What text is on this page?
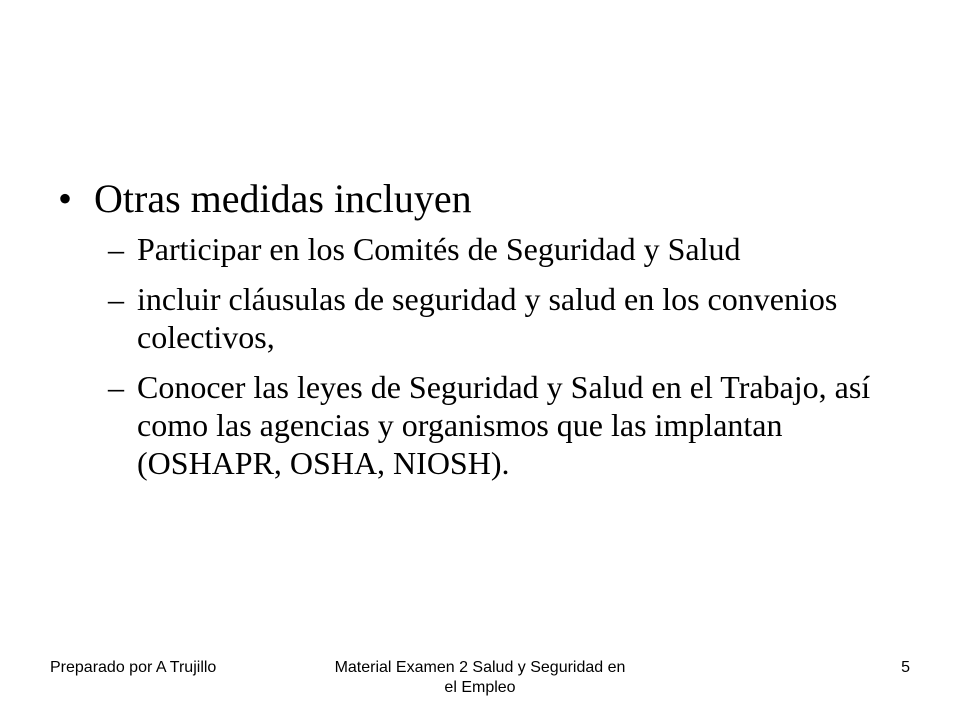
• Otras medidas incluyen
– Participar en los Comités de Seguridad y Salud
– incluir cláusulas de seguridad y salud en los convenios colectivos,
– Conocer las leyes de Seguridad y Salud en el Trabajo, así como las agencias y organismos que las implantan (OSHAPR, OSHA, NIOSH).
Preparado por A Trujillo	Material Examen 2 Salud y Seguridad en el Empleo
5
